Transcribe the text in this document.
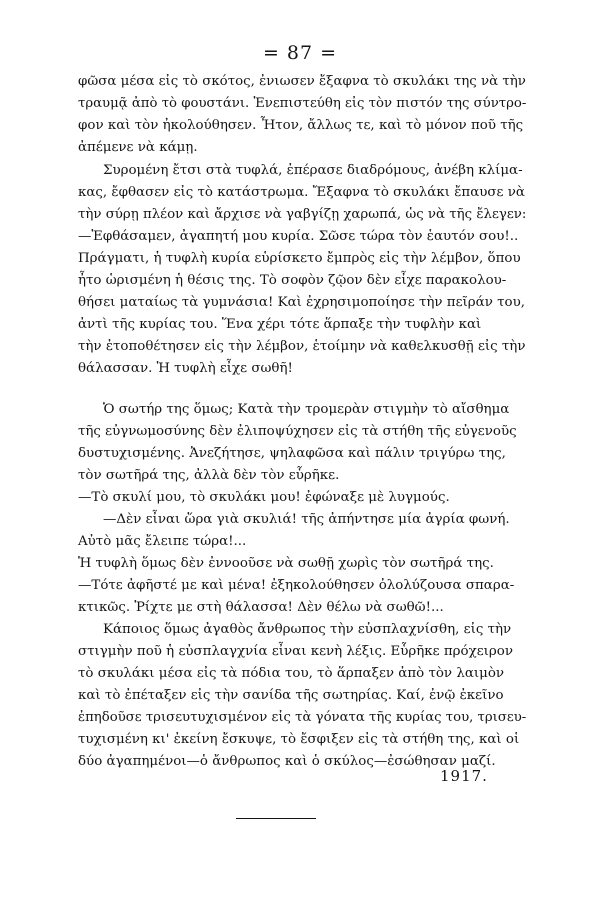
= 87 =
φῶσα μέσα εἰς τὸ σκότος, ἐνιωσεν ἔξαφνα τὸ σκυλάκι της νὰ τὴν
τραυμᾷ ἀπὸ τὸ φουστάνι. Ἐνεπιστεύθη εἰς τὸν πιστόν της σύντρο-
φον καὶ τὸν ἠκολούθησεν. Ἦτον, ἄλλως τε, καὶ τὸ μόνον ποῦ τῆς
ἀπέμενε νὰ κάμῃ.
Συρομένη ἔτσι στὰ τυφλά, ἐπέρασε διαδρόμους, ἀνέβη κλίμα-
κας, ἔφθασεν εἰς τὸ κατάστρωμα. Ἔξαφνα τὸ σκυλάκι ἔπαυσε νὰ
τὴν σύρῃ πλέον καὶ ἄρχισε νὰ γαβγίζῃ χαρωπά, ὡς νὰ τῆς ἔλεγεν:
—Ἐφθάσαμεν, ἀγαπητή μου κυρία. Σῶσε τώρα τὸν ἑαυτόν σου!..
Πράγματι, ἡ τυφλὴ κυρία εὑρίσκετο ἔμπρὸς εἰς τὴν λέμβον, ὅπου
ἦτο ὡρισμένη ἡ θέσις της. Τὸ σοφὸν ζῷον δὲν εἶχε παρακολου-
θήσει ματαίως τὰ γυμνάσια! Καὶ ἐχρησιμοποίησε τὴν πεῖράν του,
ἀντὶ τῆς κυρίας του. Ἕνα χέρι τότε ἅρπαξε τὴν τυφλὴν καὶ
τὴν ἐτοποθέτησεν εἰς τὴν λέμβον, ἑτοίμην νὰ καθελκυσθῇ εἰς τὴν
θάλασσαν. Ἡ τυφλὴ εἶχε σωθῆ!
Ὁ σωτήρ της ὅμως; Κατὰ τὴν τρομερὰν στιγμὴν τὸ αἴσθημα
τῆς εὐγνωμοσύνης δὲν ἐλιποψύχησεν εἰς τὰ στήθη τῆς εὐγενοῦς
δυστυχισμένης. Ἀνεζήτησε, ψηλαφῶσα καὶ πάλιν τριγύρω της,
τὸν σωτῆρά της, ἀλλὰ δὲν τὸν εὗρῆκε.
—Τὸ σκυλί μου, τὸ σκυλάκι μου! ἐφώναξε μὲ λυγμούς.
—Δὲν εἶναι ὥρα γιὰ σκυλιά! τῆς ἀπήντησε μία ἀγρία φωνή.
Αὐτὸ μᾶς ἔλειπε τώρα!...
Ἡ τυφλὴ ὅμως δὲν ἐννοοῦσε νὰ σωθῇ χωρὶς τὸν σωτῆρά της.
—Τότε ἀφῆστέ με καὶ μένα! ἐξηκολούθησεν ὀλολύζουσα σπαρα-
κτικῶς. Ῥίχτε με στὴ θάλασσα! Δὲν θέλω νὰ σωθῶ!...
Κάποιος ὅμως ἀγαθὸς ἄνθρωπος τὴν εὐσπλαχνίσθη, εἰς τὴν
στιγμὴν ποῦ ἡ εὐσπλαγχνία εἶναι κενὴ λέξις. Εὗρῆκε πρόχειρον
τὸ σκυλάκι μέσα εἰς τὰ πόδια του, τὸ ἅρπαξεν ἀπὸ τὸν λαιμὸν
καὶ τὸ ἐπέταξεν εἰς τὴν σανίδα τῆς σωτηρίας. Καί, ἐνῷ ἐκεῖνο
ἐπηδοῦσε τρισευτυχισμένον εἰς τὰ γόνατα τῆς κυρίας του, τρισευ-
τυχισμένη κι' ἐκείνη ἔσκυψε, τὸ ἔσφιξεν εἰς τὰ στήθη της, καὶ οἱ
δύο ἀγαπημένοι—ὁ ἄνθρωπος καὶ ὁ σκύλος—ἐσώθησαν μαζί.
1917.
